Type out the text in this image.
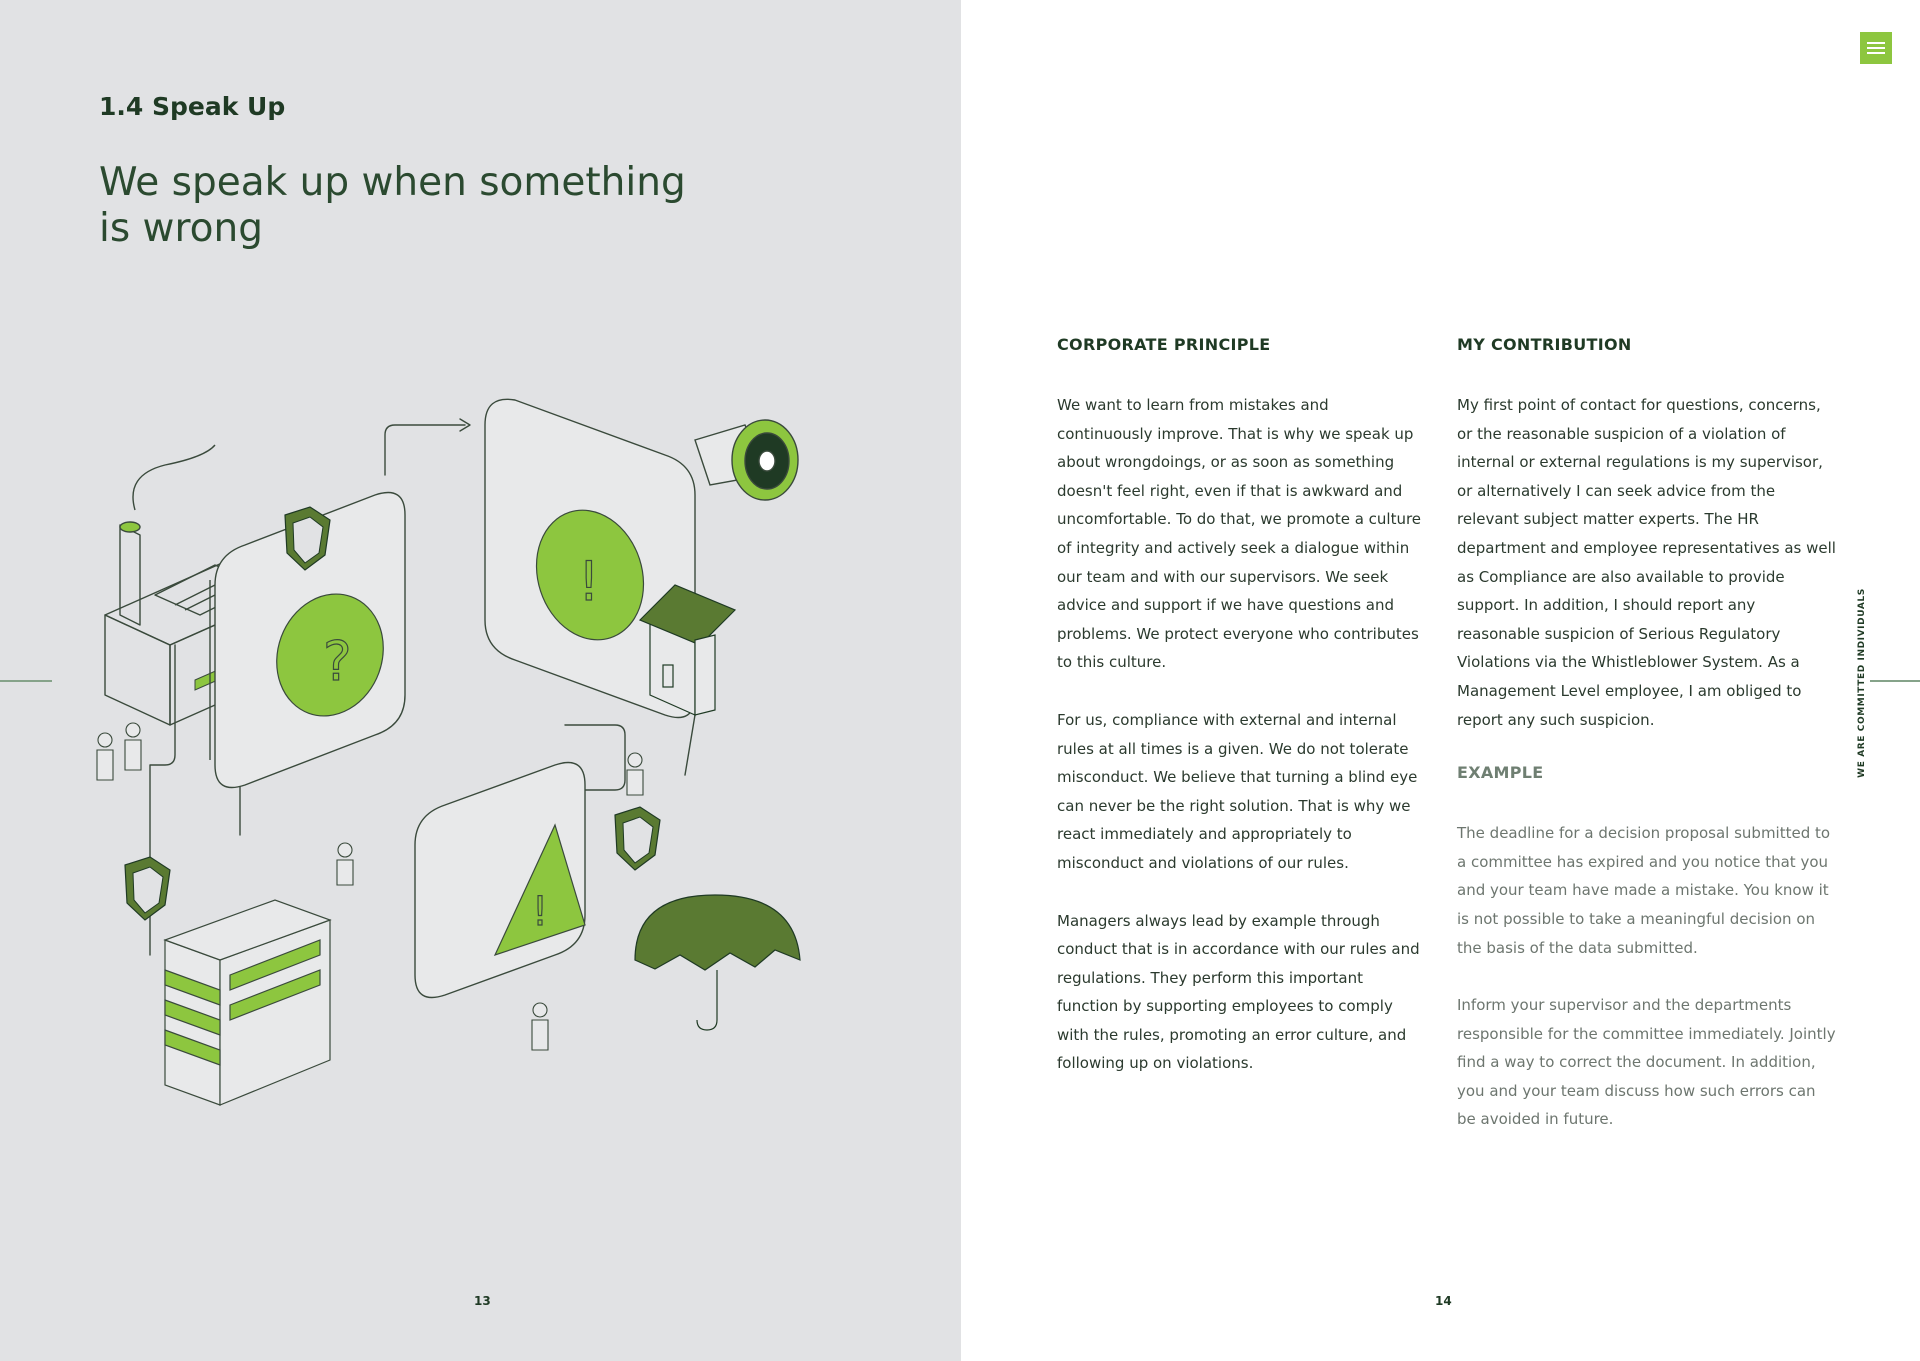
1.4 Speak Up
We speak up when something is wrong
?
!
!
13
CORPORATE PRINCIPLE

We want to learn from mistakes and continuously improve. That is why we speak up about wrongdoings, or as soon as something doesn't feel right, even if that is awkward and uncomfortable. To do that, we promote a culture of integrity and actively seek a dialogue within our team and with our supervisors. We seek advice and support if we have questions and problems. We protect everyone who contributes to this culture.

For us, compliance with external and internal rules at all times is a given. We do not tolerate misconduct. We believe that turning a blind eye can never be the right solution. That is why we react immediately and appropriately to misconduct and violations of our rules.

Managers always lead by example through conduct that is in accordance with our rules and regulations. They perform this important function by supporting employees to comply with the rules, promoting an error culture, and following up on violations.

MY CONTRIBUTION

My first point of contact for questions, concerns, or the reasonable suspicion of a violation of internal or external regulations is my supervisor, or alternatively I can seek advice from the relevant subject matter experts. The HR department and employee representatives as well as Compliance are also available to provide support. In addition, I should report any reasonable suspicion of Serious Regulatory Violations via the Whistleblower System. As a Management Level employee, I am obliged to report any such suspicion.

EXAMPLE

The deadline for a decision proposal submitted to a committee has expired and you notice that you and your team have made a mistake. You know it is not possible to take a meaningful decision on the basis of the data submitted.

Inform your supervisor and the departments responsible for the committee immediately. Jointly find a way to correct the document. In addition, you and your team discuss how such errors can be avoided in future.

WE ARE COMMITTED INDIVIDUALS
14
